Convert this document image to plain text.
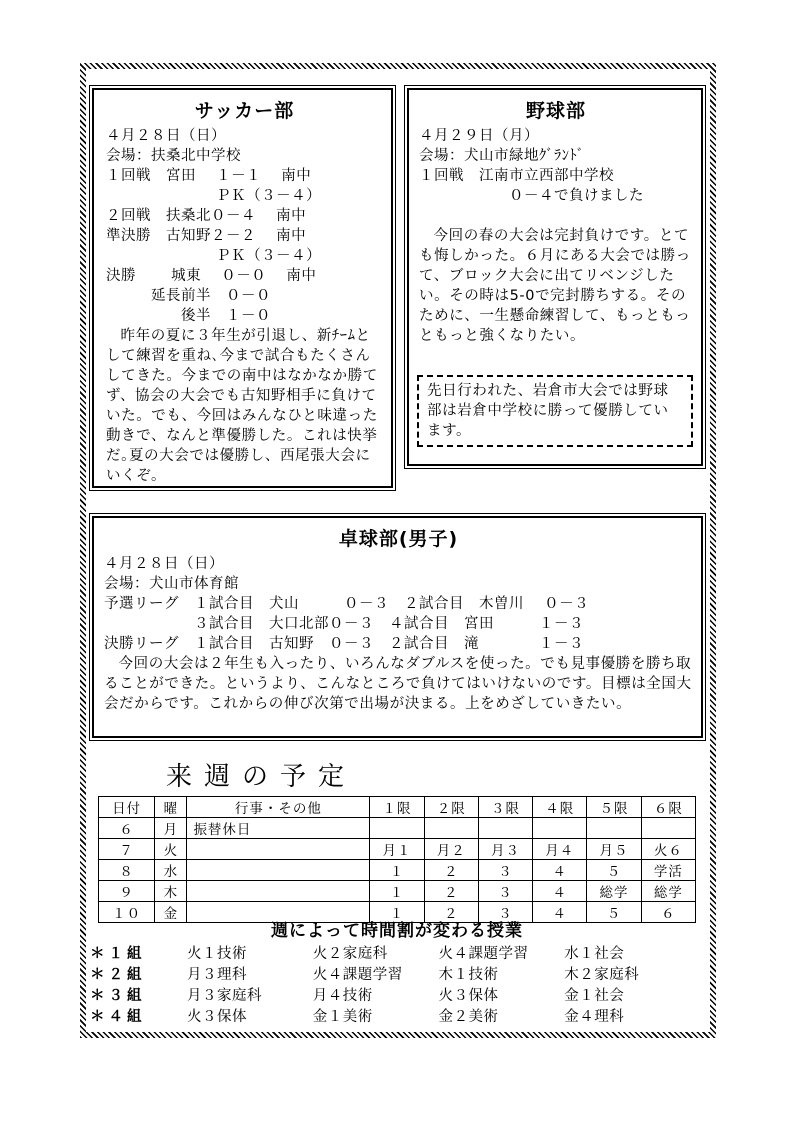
サッカー部
４月２８日（日）
会場：扶桑北中学校
１回戦　宮田　 １－１　 南中
　　　　　　　 ＰＫ（３－４）
２回戦　扶桑北０－４　 南中
準決勝　古知野２－２　 南中
　　　　　　　 ＰＫ（３－４）
決勝　　 城東　 ０－０　 南中
　　　延長前半　０－０
　　　　　後半　１－０
昨年の夏に３年生が引退し、新ﾁｰﾑとして練習を重ね､今まで試合もたくさんしてきた。今までの南中はなかなか勝てず、協会の大会でも古知野相手に負けていた。でも、今回はみんなひと味違った動きで、なんと準優勝した。これは快挙だ｡夏の大会では優勝し、西尾張大会にいくぞ。
野球部
４月２９日（月）
会場：犬山市緑地ｸﾞﾗﾝﾄﾞ
１回戦　江南市立西部中学校
　　　　　　０－４で負けました
今回の春の大会は完封負けです。とても悔しかった。６月にある大会では勝って、ブロック大会に出てリベンジしたい。その時は5-0で完封勝ちする。そのために、一生懸命練習して、もっともっともっと強くなりたい。
先日行われた、岩倉市大会では野球部は岩倉中学校に勝って優勝しています。
卓球部(男子)
４月２８日（日）
会場：犬山市体育館
予選リーグ　１試合目　犬山　　　０－３　２試合目　木曽川　 ０－３
　　　　　　３試合目　大口北部０－３　４試合目　宮田　　　１－３
決勝リーグ　１試合目　古知野　０－３　２試合目　滝　　　　１－３
今回の大会は２年生も入ったり、いろんなダブルスを使った。でも見事優勝を勝ち取ることができた。というより、こんなところで負けてはいけないのです。目標は全国大会だからです。これからの伸び次第で出場が決まる。上をめざしていきたい。
来週の予定
日付	曜	行事・その他	１限	２限	３限	４限	５限	６限
６	月	振替休日						
７	火		月１	月２	月３	月４	月５	火６
８	水		１	２	３	４	５	学活
９	木		１	２	３	４	総学	総学
１０	金		１	２	３	４	５	６
週によって時間割が変わる授業
＊１組	火１技術	火２家庭科	火４課題学習	水１社会
＊２組	月３理科	火４課題学習	木１技術	木２家庭科
＊３組	月３家庭科	月４技術	火３保体	金１社会
＊４組	火３保体	金１美術	金２美術	金４理科
